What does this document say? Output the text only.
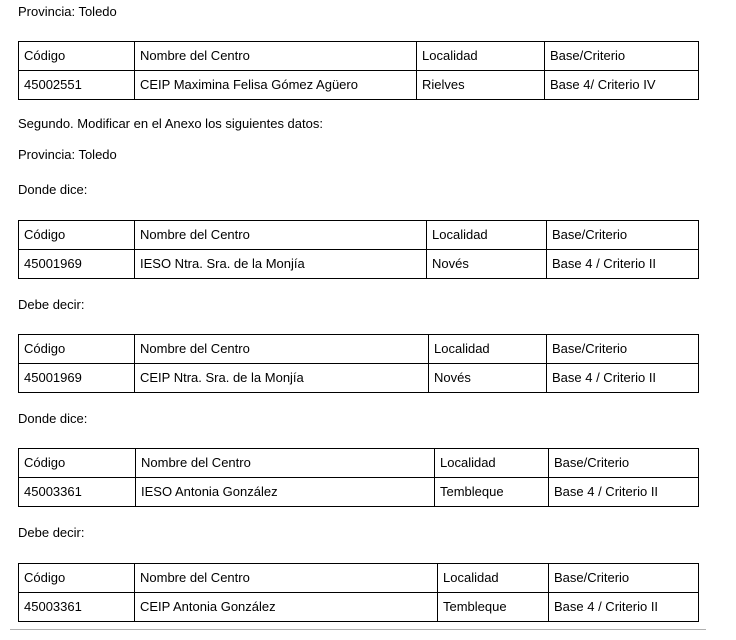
Provincia: Toledo

Código	Nombre del Centro	Localidad	Base/Criterio
45002551	CEIP Maximina Felisa Gómez Agüero	Rielves	Base 4/ Criterio IV

Segundo. Modificar en el Anexo los siguientes datos:

Provincia: Toledo

Donde dice:

Código	Nombre del Centro	Localidad	Base/Criterio
45001969	IESO Ntra. Sra. de la Monjía	Novés	Base 4 / Criterio II

Debe decir:

Código	Nombre del Centro	Localidad	Base/Criterio
45001969	CEIP Ntra. Sra. de la Monjía	Novés	Base 4 / Criterio II

Donde dice:

Código	Nombre del Centro	Localidad	Base/Criterio
45003361	IESO Antonia González	Tembleque	Base 4 / Criterio II

Debe decir:

Código	Nombre del Centro	Localidad	Base/Criterio
45003361	CEIP Antonia González	Tembleque	Base 4 / Criterio II
